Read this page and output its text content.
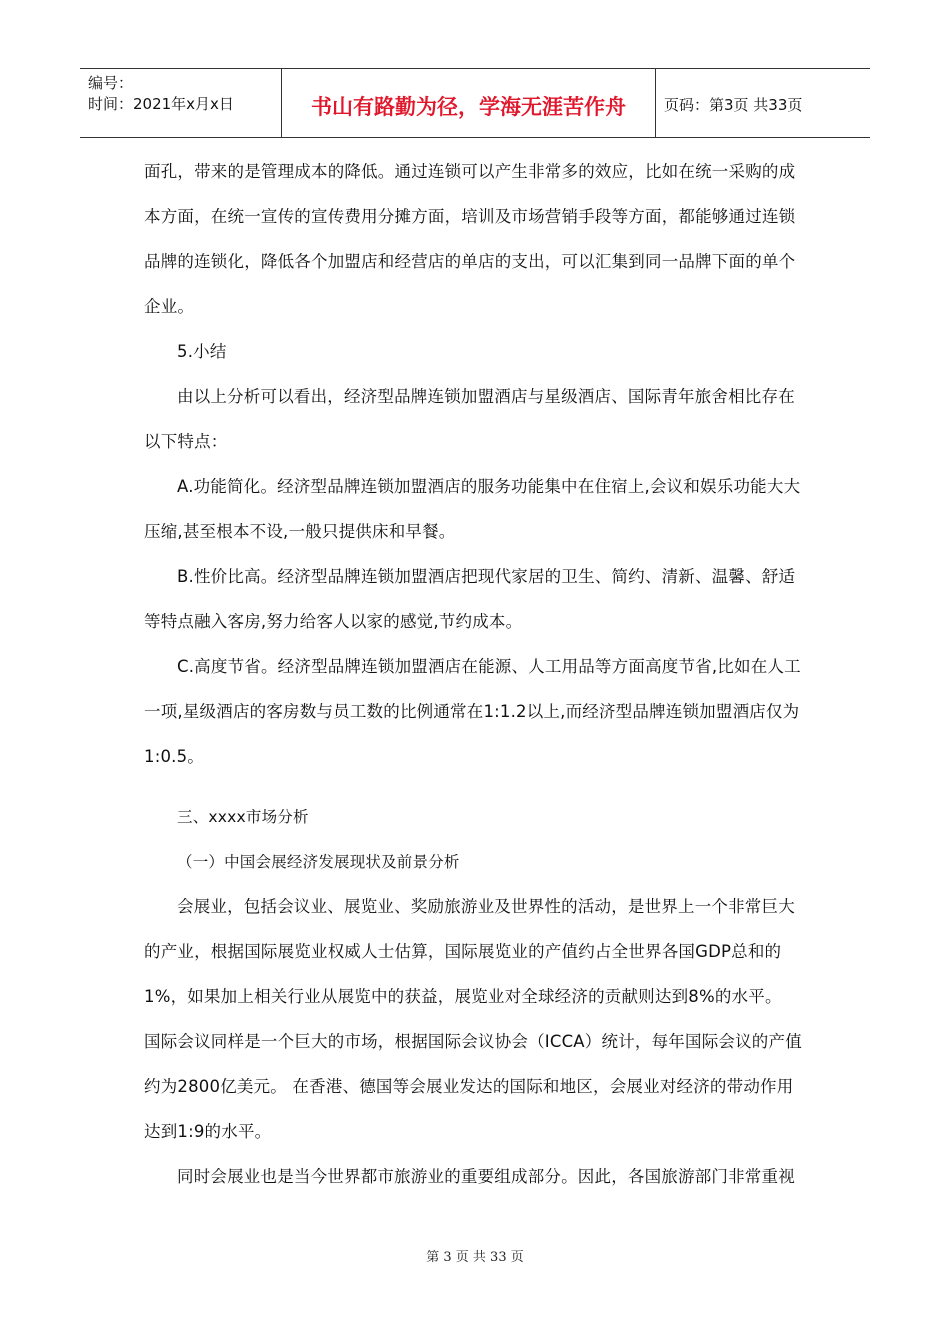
编号：
时间：2021年x月x日	书山有路勤为径，学海无涯苦作舟	页码：第3页 共33页
面孔，带来的是管理成本的降低。通过连锁可以产生非常多的效应，比如在统一采购的成
本方面，在统一宣传的宣传费用分摊方面，培训及市场营销手段等方面，都能够通过连锁
品牌的连锁化，降低各个加盟店和经营店的单店的支出，可以汇集到同一品牌下面的单个
企业。
5.小结
由以上分析可以看出，经济型品牌连锁加盟酒店与星级酒店、国际青年旅舍相比存在
以下特点：
A.功能简化。经济型品牌连锁加盟酒店的服务功能集中在住宿上,会议和娱乐功能大大
压缩,甚至根本不设,一般只提供床和早餐。
B.性价比高。经济型品牌连锁加盟酒店把现代家居的卫生、简约、清新、温馨、舒适
等特点融入客房,努力给客人以家的感觉,节约成本。
C.高度节省。经济型品牌连锁加盟酒店在能源、人工用品等方面高度节省,比如在人工
一项,星级酒店的客房数与员工数的比例通常在1:1.2以上,而经济型品牌连锁加盟酒店仅为
1:0.5。
三、xxxx市场分析
（一）中国会展经济发展现状及前景分析
会展业，包括会议业、展览业、奖励旅游业及世界性的活动，是世界上一个非常巨大
的产业，根据国际展览业权威人士估算，国际展览业的产值约占全世界各国GDP总和的
1%，如果加上相关行业从展览中的获益，展览业对全球经济的贡献则达到8%的水平。
国际会议同样是一个巨大的市场，根据国际会议协会（ICCA）统计，每年国际会议的产值
约为2800亿美元。 在香港、德国等会展业发达的国际和地区，会展业对经济的带动作用
达到1:9的水平。
同时会展业也是当今世界都市旅游业的重要组成部分。因此，各国旅游部门非常重视
第 3 页 共 33 页
